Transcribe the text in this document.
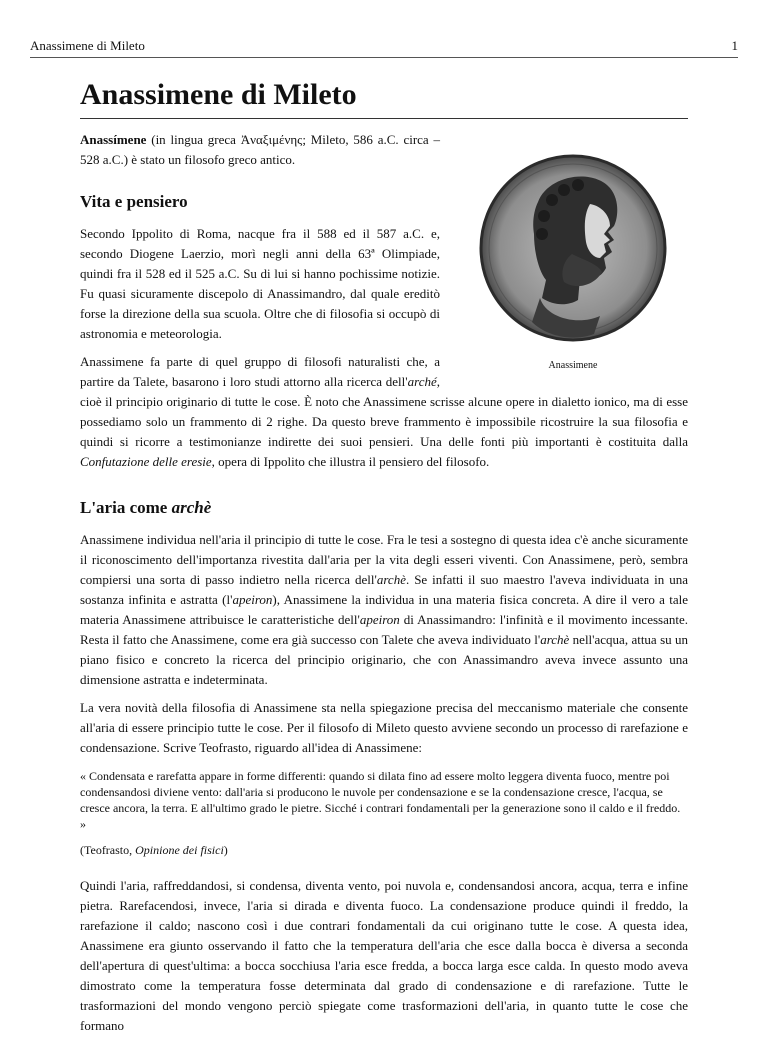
Anassimene di Mileto	1
Anassimene di Mileto
Anassimene

Anassímene (in lingua greca Ἀναξιμένης; Mileto, 586 a.C. circa – 528 a.C.) è stato un filosofo greco antico.

Vita e pensiero

Secondo Ippolito di Roma, nacque fra il 588 ed il 587 a.C. e, secondo Diogene Laerzio, morì negli anni della 63ª Olimpiade, quindi fra il 528 ed il 525 a.C. Su di lui si hanno pochissime notizie. Fu quasi sicuramente discepolo di Anassimandro, dal quale ereditò forse la direzione della sua scuola. Oltre che di filosofia si occupò di astronomia e meteorologia.

Anassimene fa parte di quel gruppo di filosofi naturalisti che, a partire da Talete, basarono i loro studi attorno alla ricerca dell'arché, cioè il principio originario di tutte le cose. È noto che Anassimene scrisse alcune opere in dialetto ionico, ma di esse possediamo solo un frammento di 2 righe. Da questo breve frammento è impossibile ricostruire la sua filosofia e quindi si ricorre a testimonianze indirette dei suoi pensieri. Una delle fonti più importanti è costituita dalla Confutazione delle eresie, opera di Ippolito che illustra il pensiero del filosofo.

L'aria come archè

Anassimene individua nell'aria il principio di tutte le cose. Fra le tesi a sostegno di questa idea c'è anche sicuramente il riconoscimento dell'importanza rivestita dall'aria per la vita degli esseri viventi. Con Anassimene, però, sembra compiersi una sorta di passo indietro nella ricerca dell'archè. Se infatti il suo maestro l'aveva individuata in una sostanza infinita e astratta (l'apeiron), Anassimene la individua in una materia fisica concreta. A dire il vero a tale materia Anassimene attribuisce le caratteristiche dell'apeiron di Anassimandro: l'infinità e il movimento incessante. Resta il fatto che Anassimene, come era già successo con Talete che aveva individuato l'archè nell'acqua, attua su un piano fisico e concreto la ricerca del principio originario, che con Anassimandro aveva invece assunto una dimensione astratta e indeterminata.

La vera novità della filosofia di Anassimene sta nella spiegazione precisa del meccanismo materiale che consente all'aria di essere principio tutte le cose. Per il filosofo di Mileto questo avviene secondo un processo di rarefazione e condensazione. Scrive Teofrasto, riguardo all'idea di Anassimene:

« Condensata e rarefatta appare in forme differenti: quando si dilata fino ad essere molto leggera diventa fuoco, mentre poi condensandosi diviene vento: dall'aria si producono le nuvole per condensazione e se la condensazione cresce, l'acqua, se cresce ancora, la terra. E all'ultimo grado le pietre. Sicché i contrari fondamentali per la generazione sono il caldo e il freddo. »
(Teofrasto, Opinione dei fisici)

Quindi l'aria, raffreddandosi, si condensa, diventa vento, poi nuvola e, condensandosi ancora, acqua, terra e infine pietra. Rarefacendosi, invece, l'aria si dirada e diventa fuoco. La condensazione produce quindi il freddo, la rarefazione il caldo; nascono così i due contrari fondamentali da cui originano tutte le cose. A questa idea, Anassimene era giunto osservando il fatto che la temperatura dell'aria che esce dalla bocca è diversa a seconda dell'apertura di quest'ultima: a bocca socchiusa l'aria esce fredda, a bocca larga esce calda. In questo modo aveva dimostrato come la temperatura fosse determinata dal grado di condensazione e di rarefazione. Tutte le trasformazioni del mondo vengono perciò spiegate come trasformazioni dell'aria, in quanto tutte le cose che formano
